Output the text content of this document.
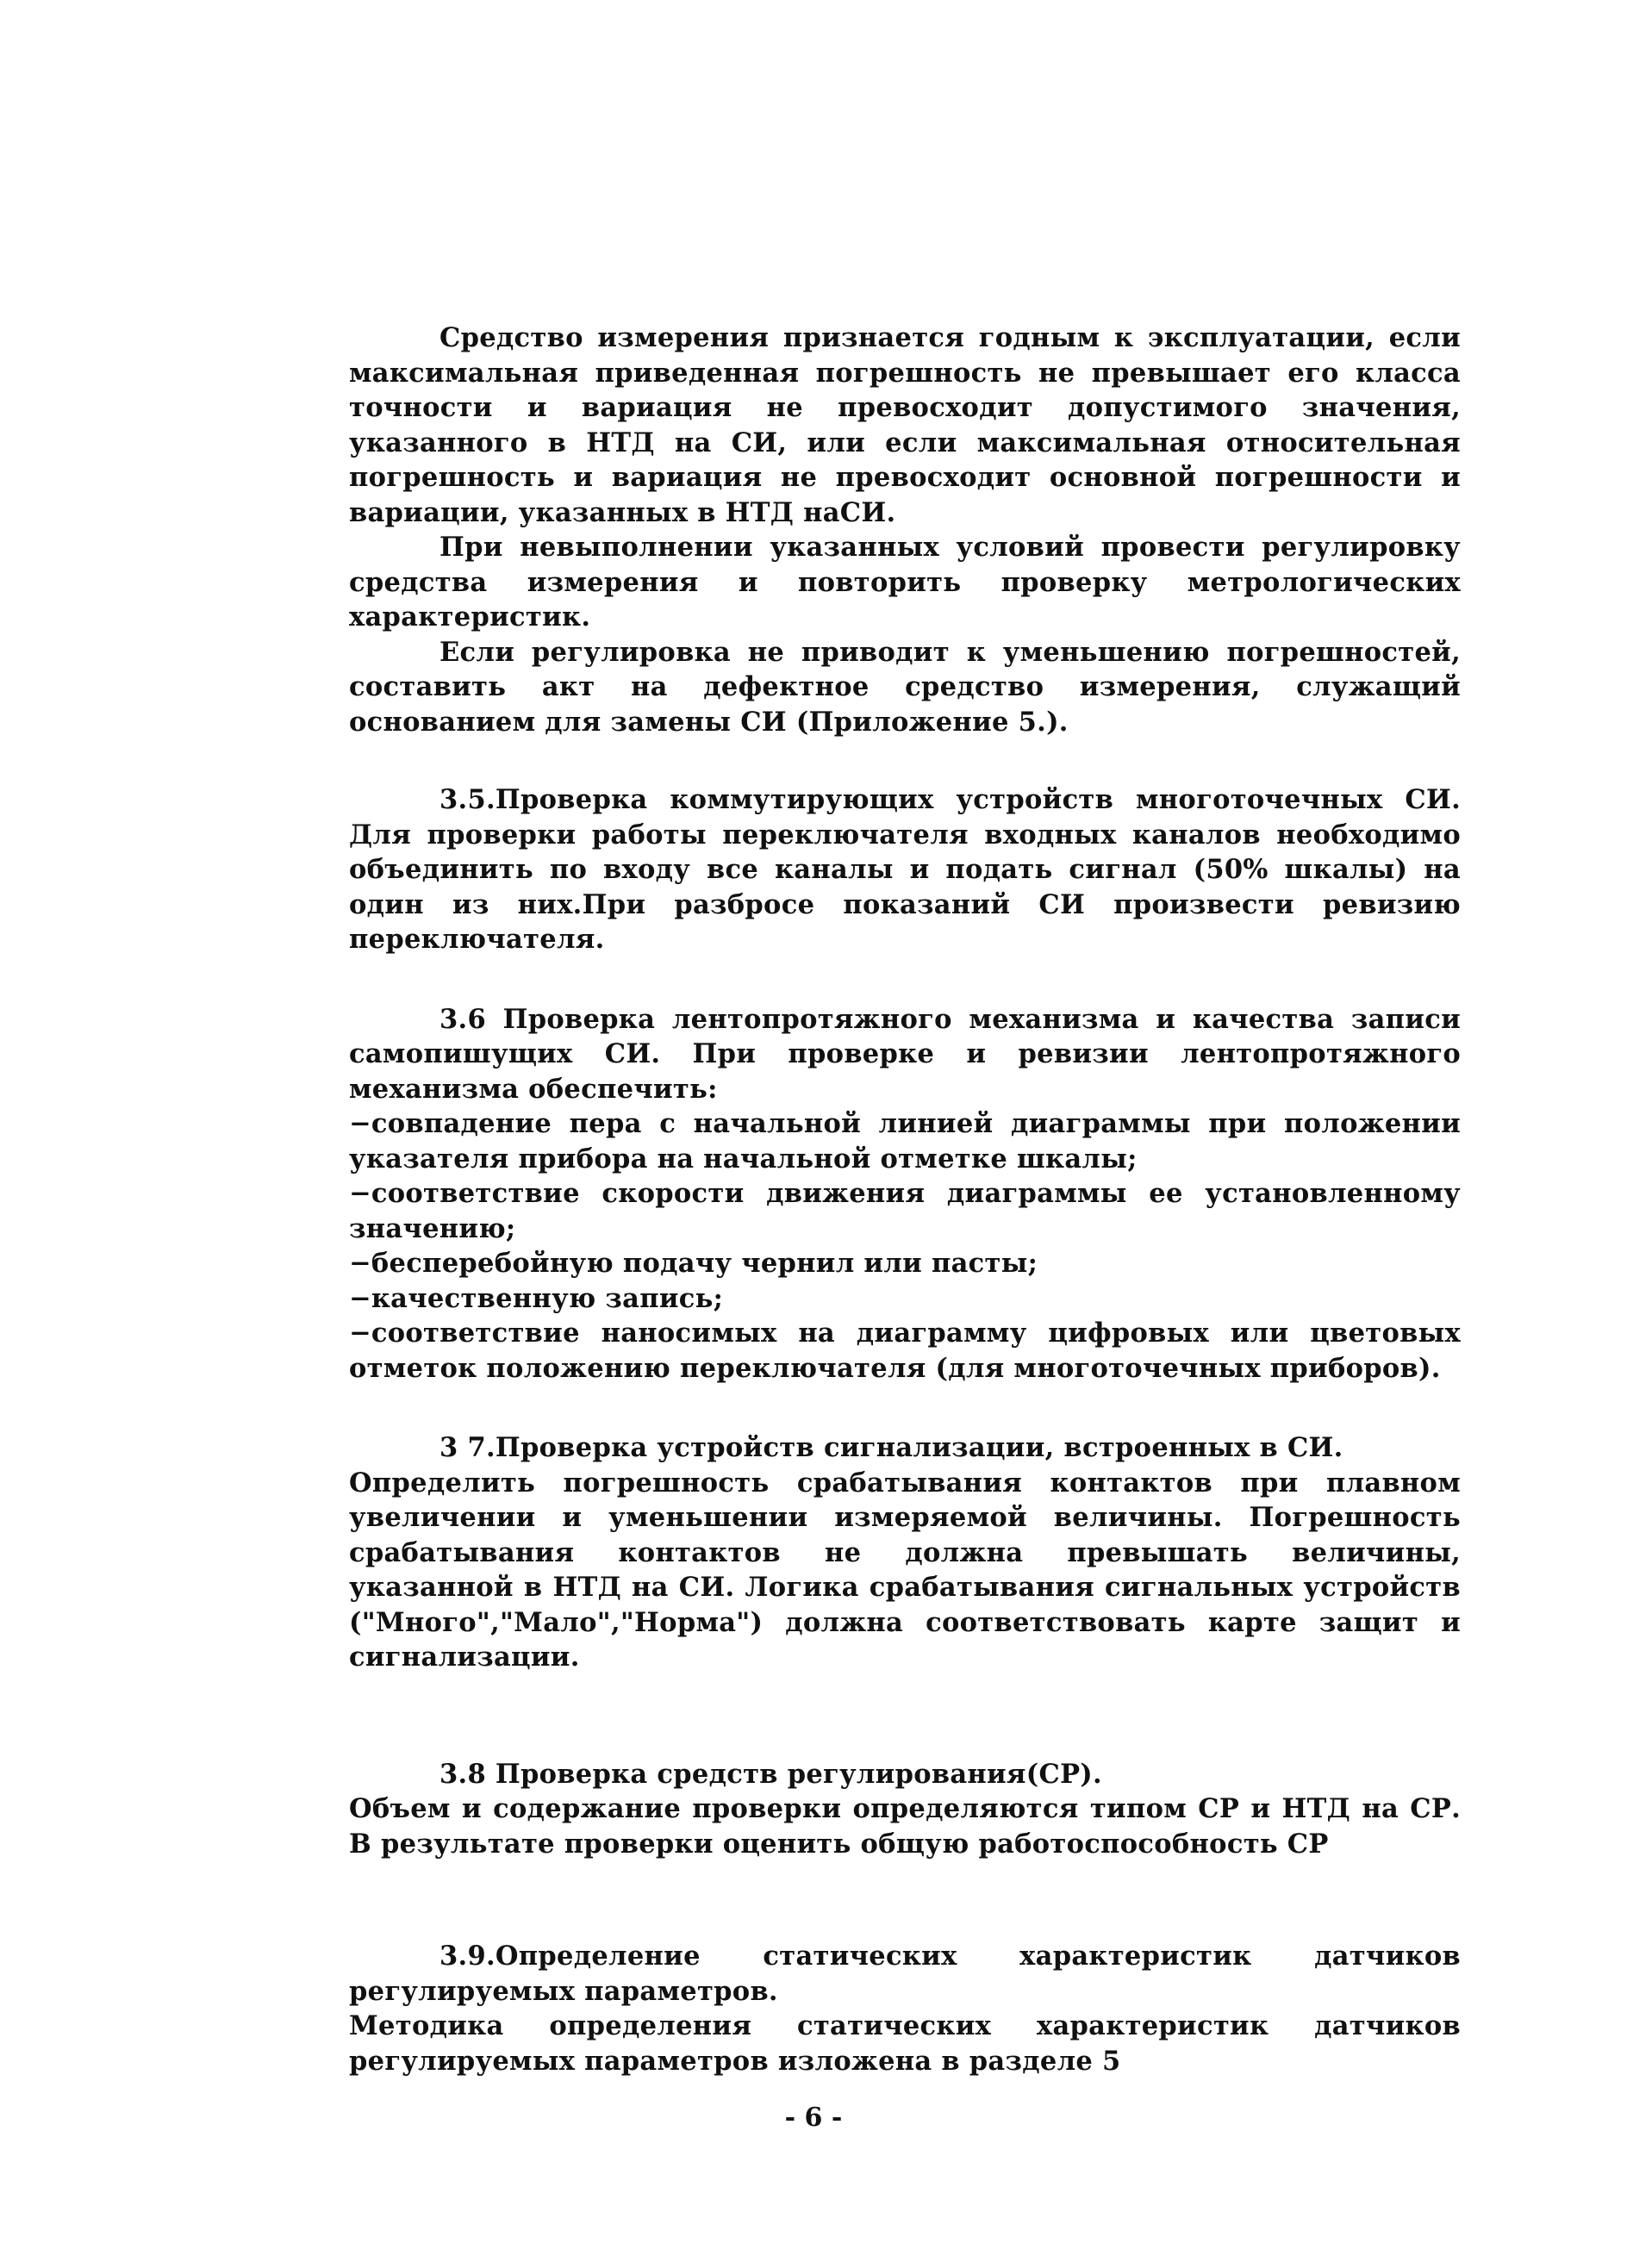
Средство измерения признается годным к эксплуатации, если максимальная приведенная погрешность не превышает его класса точности и вариация не превосходит допустимого значения, указанного в НТД на СИ, или если максимальная относительная погрешность и вариация не превосходит основной погрешности и вариации, указанных в НТД наСИ.

При невыполнении указанных условий провести регулировку средства измерения и повторить проверку метрологических характеристик.

Если регулировка не приводит к уменьшению погрешностей, составить акт на дефектное средство измерения, служащий основанием для замены СИ (Приложение 5.).

3.5.Проверка коммутирующих устройств многоточечных СИ. Для проверки работы переключателя входных каналов необходимо объединить по входу все каналы и подать сигнал (50% шкалы) на один из них.При разбросе показаний СИ произвести ревизию переключателя.

3.6 Проверка лентопротяжного механизма и качества записи самопишущих СИ. При проверке и ревизии лентопротяжного механизма обеспечить:

−совпадение пера с начальной линией диаграммы при положении указателя прибора на начальной отметке шкалы;

−соответствие скорости движения диаграммы ее установленному значению;

−бесперебойную подачу чернил или пасты;

−качественную запись;

−соответствие наносимых на диаграмму цифровых или цветовых отметок положению переключателя (для многоточечных приборов).

3 7.Проверка устройств сигнализации, встроенных в СИ.

Определить погрешность срабатывания контактов при плавном увеличении и уменьшении измеряемой величины. Погрешность срабатывания контактов не должна превышать величины, указанной в НТД на СИ. Логика срабатывания сигнальных устройств ("Много","Мало","Норма") должна соответствовать карте защит и сигнализации.

3.8 Проверка средств регулирования(СР).

Объем и содержание проверки определяются типом СР и НТД на СР. В результате проверки оценить общую работоспособность СР

3.9.Определение статических характеристик датчиков регулируемых параметров.

Методика определения статических характеристик датчиков регулируемых параметров изложена в разделе 5

- 6 -
